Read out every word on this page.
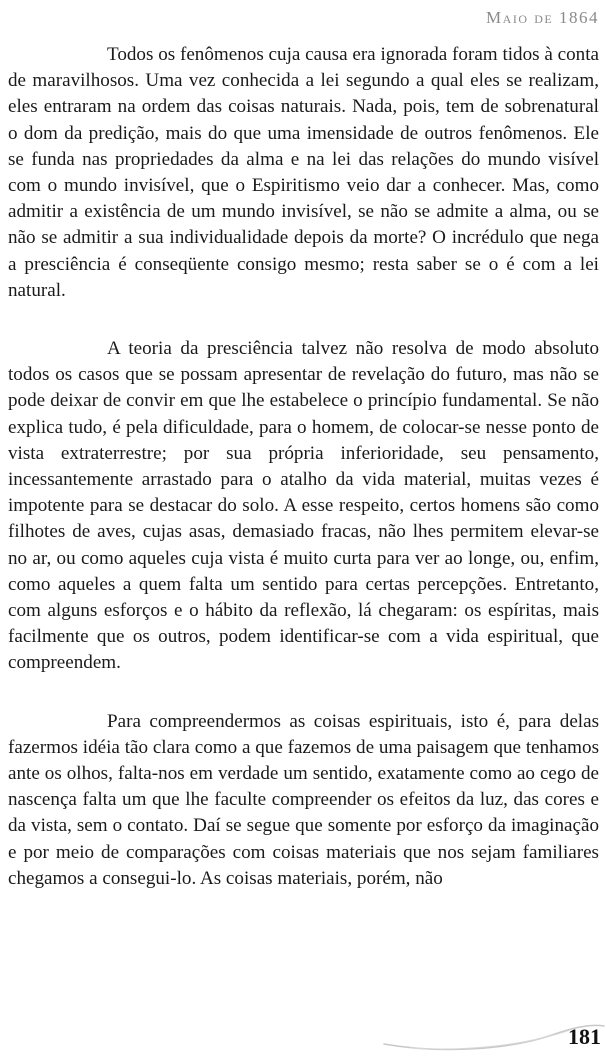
Maio de 1864

Todos os fenômenos cuja causa era ignorada foram tidos à conta de maravilhosos. Uma vez conhecida a lei segundo a qual eles se realizam, eles entraram na ordem das coisas naturais. Nada, pois, tem de sobrenatural o dom da predição, mais do que uma imensidade de outros fenômenos. Ele se funda nas propriedades da alma e na lei das relações do mundo visível com o mundo invisível, que o Espiritismo veio dar a conhecer. Mas, como admitir a existência de um mundo invisível, se não se admite a alma, ou se não se admitir a sua individualidade depois da morte? O incrédulo que nega a presciência é conseqüente consigo mesmo; resta saber se o é com a lei natural.

A teoria da presciência talvez não resolva de modo absoluto todos os casos que se possam apresentar de revelação do futuro, mas não se pode deixar de convir em que lhe estabelece o princípio fundamental. Se não explica tudo, é pela dificuldade, para o homem, de colocar-se nesse ponto de vista extraterrestre; por sua própria inferioridade, seu pensamento, incessantemente arrastado para o atalho da vida material, muitas vezes é impotente para se destacar do solo. A esse respeito, certos homens são como filhotes de aves, cujas asas, demasiado fracas, não lhes permitem elevar-se no ar, ou como aqueles cuja vista é muito curta para ver ao longe, ou, enfim, como aqueles a quem falta um sentido para certas percepções. Entretanto, com alguns esforços e o hábito da reflexão, lá chegaram: os espíritas, mais facilmente que os outros, podem identificar-se com a vida espiritual, que compreendem.

Para compreendermos as coisas espirituais, isto é, para delas fazermos idéia tão clara como a que fazemos de uma paisagem que tenhamos ante os olhos, falta-nos em verdade um sentido, exatamente como ao cego de nascença falta um que lhe faculte compreender os efeitos da luz, das cores e da vista, sem o contato. Daí se segue que somente por esforço da imaginação e por meio de comparações com coisas materiais que nos sejam familiares chegamos a consegui-lo. As coisas materiais, porém, não

181
